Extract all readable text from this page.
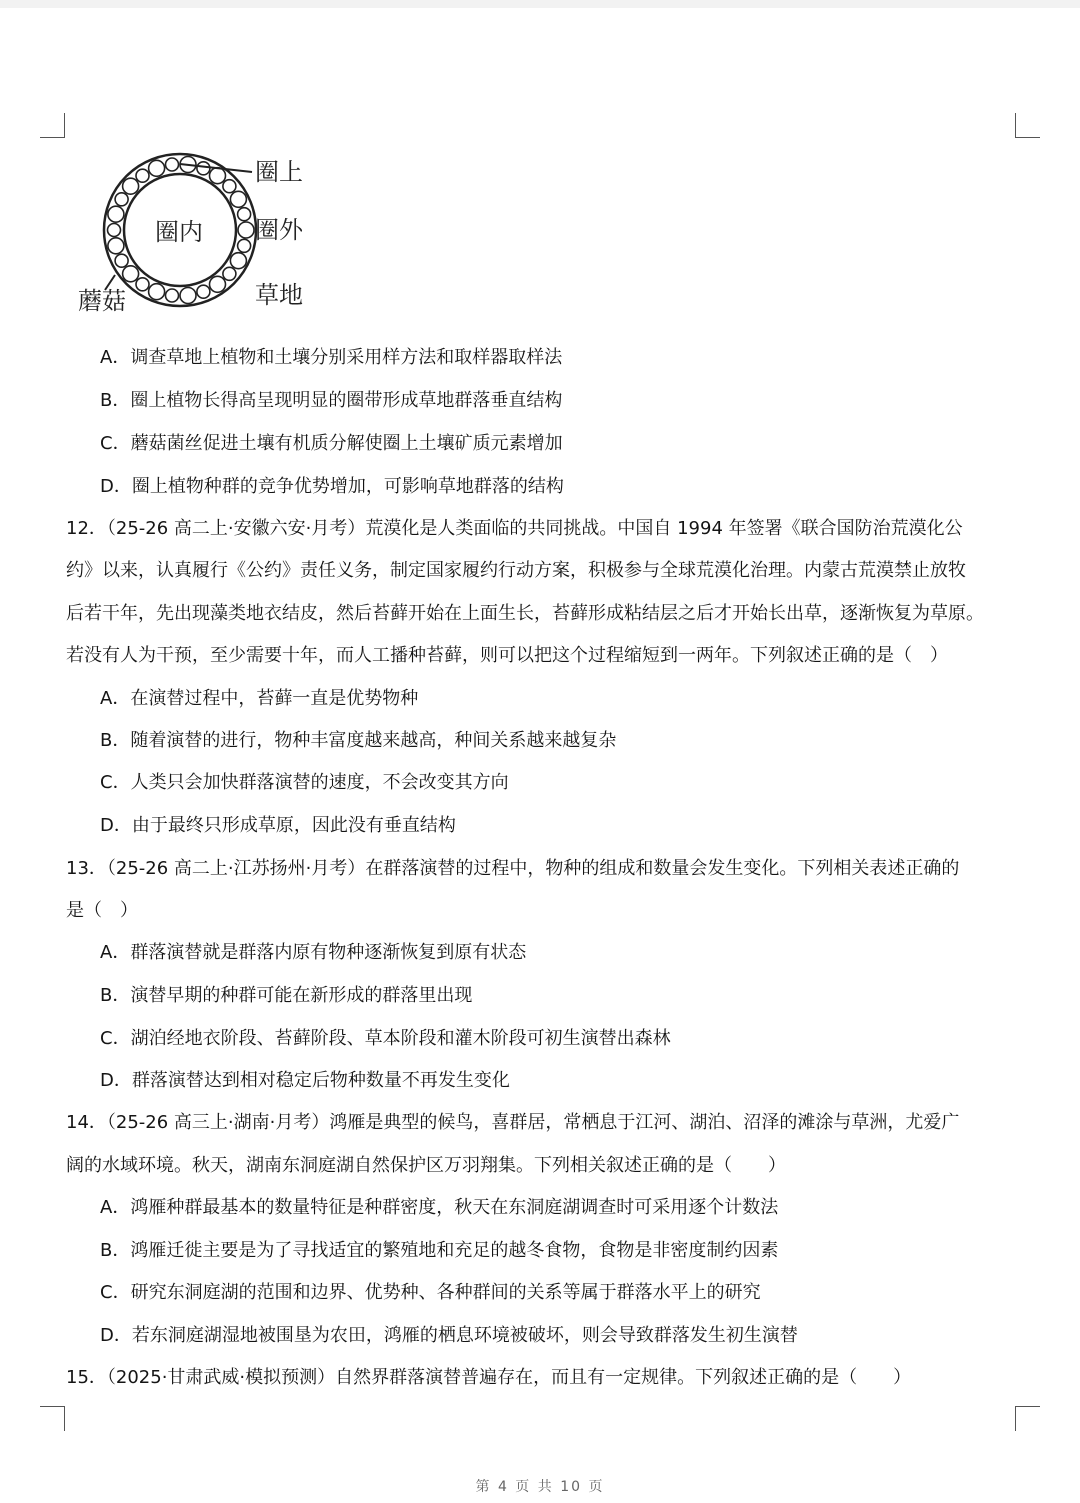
圈内
圈上
圈外
草地
蘑菇
A．调查草地上植物和土壤分别采用样方法和取样器取样法
B．圈上植物长得高呈现明显的圈带形成草地群落垂直结构
C．蘑菇菌丝促进土壤有机质分解使圈上土壤矿质元素增加
D．圈上植物种群的竞争优势增加，可影响草地群落的结构
12．（25-26 高二上·安徽六安·月考）荒漠化是人类面临的共同挑战。中国自 1994 年签署《联合国防治荒漠化公
约》以来，认真履行《公约》责任义务，制定国家履约行动方案，积极参与全球荒漠化治理。内蒙古荒漠禁止放牧
后若干年，先出现藻类地衣结皮，然后苔藓开始在上面生长，苔藓形成粘结层之后才开始长出草，逐渐恢复为草原。
若没有人为干预，至少需要十年，而人工播种苔藓，则可以把这个过程缩短到一两年。下列叙述正确的是（　）
A．在演替过程中，苔藓一直是优势物种
B．随着演替的进行，物种丰富度越来越高，种间关系越来越复杂
C．人类只会加快群落演替的速度，不会改变其方向
D．由于最终只形成草原，因此没有垂直结构
13．（25-26 高二上·江苏扬州·月考）在群落演替的过程中，物种的组成和数量会发生变化。下列相关表述正确的
是（　）
A．群落演替就是群落内原有物种逐渐恢复到原有状态
B．演替早期的种群可能在新形成的群落里出现
C．湖泊经地衣阶段、苔藓阶段、草本阶段和灌木阶段可初生演替出森林
D．群落演替达到相对稳定后物种数量不再发生变化
14．（25-26 高三上·湖南·月考）鸿雁是典型的候鸟，喜群居，常栖息于江河、湖泊、沼泽的滩涂与草洲，尤爱广
阔的水域环境。秋天，湖南东洞庭湖自然保护区万羽翔集。下列相关叙述正确的是（　　）
A．鸿雁种群最基本的数量特征是种群密度，秋天在东洞庭湖调查时可采用逐个计数法
B．鸿雁迁徙主要是为了寻找适宜的繁殖地和充足的越冬食物，食物是非密度制约因素
C．研究东洞庭湖的范围和边界、优势种、各种群间的关系等属于群落水平上的研究
D．若东洞庭湖湿地被围垦为农田，鸿雁的栖息环境被破坏，则会导致群落发生初生演替
15．（2025·甘肃武威·模拟预测）自然界群落演替普遍存在，而且有一定规律。下列叙述正确的是（　　）
第 4 页 共 10 页
